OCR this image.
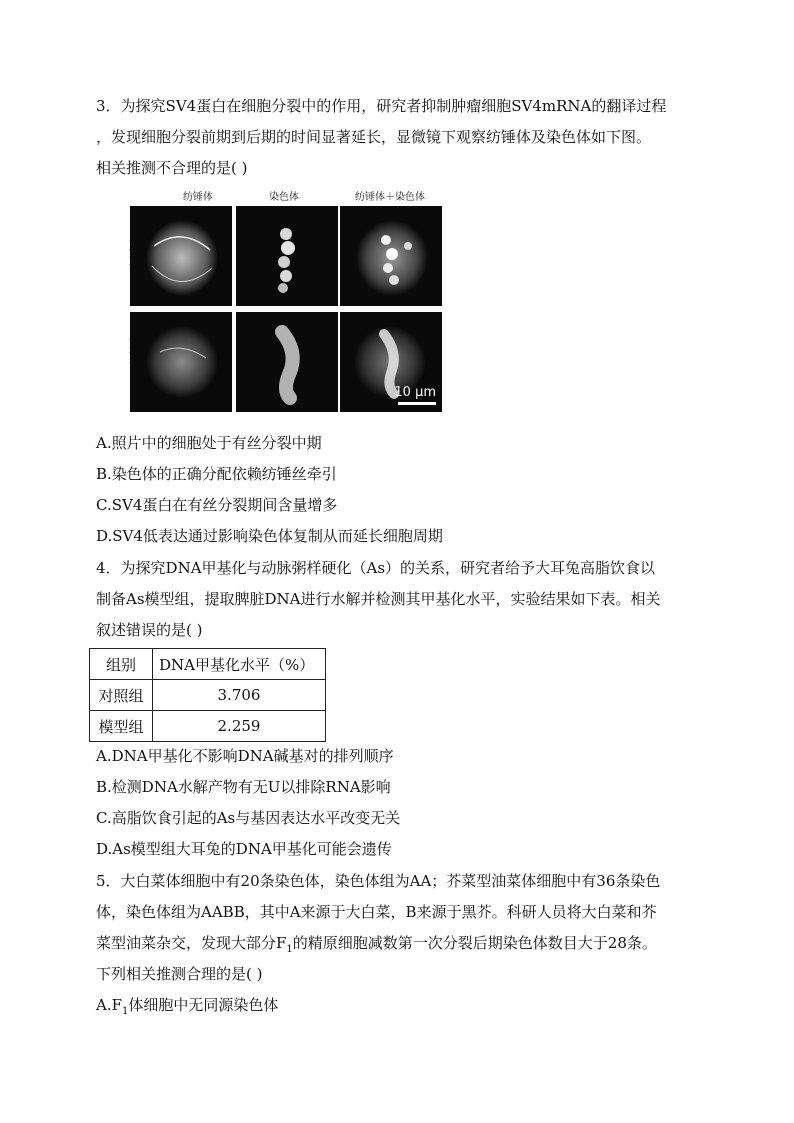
3．为探究SV4蛋白在细胞分裂中的作用，研究者抑制肿瘤细胞SV4mRNA的翻译过程
，发现细胞分裂前期到后期的时间显著延长，显微镜下观察纺锤体及染色体如下图。
相关推测不合理的是( )
纺锤体	染色体	纺锤体＋染色体
10 μm
A.照片中的细胞处于有丝分裂中期
B.染色体的正确分配依赖纺锤丝牵引
C.SV4蛋白在有丝分裂期间含量增多
D.SV4低表达通过影响染色体复制从而延长细胞周期
4．为探究DNA甲基化与动脉粥样硬化（As）的关系，研究者给予大耳兔高脂饮食以
制备As模型组，提取脾脏DNA进行水解并检测其甲基化水平，实验结果如下表。相关
叙述错误的是( )
组别	DNA甲基化水平（%）
对照组	3.706
模型组	2.259
A.DNA甲基化不影响DNA碱基对的排列顺序
B.检测DNA水解产物有无U以排除RNA影响
C.高脂饮食引起的As与基因表达水平改变无关
D.As模型组大耳兔的DNA甲基化可能会遗传
5．大白菜体细胞中有20条染色体，染色体组为AA；芥菜型油菜体细胞中有36条染色
体，染色体组为AABB，其中A来源于大白菜，B来源于黑芥。科研人员将大白菜和芥
菜型油菜杂交，发现大部分$F_1$的精原细胞减数第一次分裂后期染色体数目大于28条。
下列相关推测合理的是( )
$A.F_1$体细胞中无同源染色体
